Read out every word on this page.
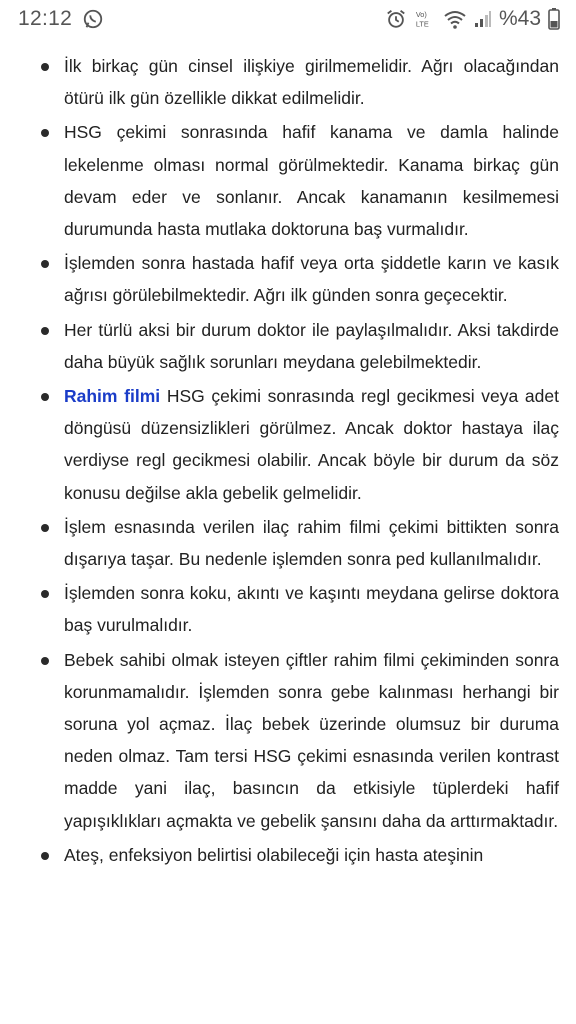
12:12	Vo)
LTE	%43
İlk birkaç gün cinsel ilişkiye girilmemelidir. Ağrı olacağından ötürü ilk gün özellikle dikkat edilmelidir.
HSG çekimi sonrasında hafif kanama ve damla halinde lekelenme olması normal görülmektedir. Kanama birkaç gün devam eder ve sonlanır. Ancak kanamanın kesilmemesi durumunda hasta mutlaka doktoruna baş vurmalıdır.
İşlemden sonra hastada hafif veya orta şiddetle karın ve kasık ağrısı görülebilmektedir. Ağrı ilk günden sonra geçecektir.
Her türlü aksi bir durum doktor ile paylaşılmalıdır. Aksi takdirde daha büyük sağlık sorunları meydana gelebilmektedir.
Rahim filmi HSG çekimi sonrasında regl gecikmesi veya adet döngüsü düzensizlikleri görülmez. Ancak doktor hastaya ilaç verdiyse regl gecikmesi olabilir. Ancak böyle bir durum da söz konusu değilse akla gebelik gelmelidir.
İşlem esnasında verilen ilaç rahim filmi çekimi bittikten sonra dışarıya taşar. Bu nedenle işlemden sonra ped kullanılmalıdır.
İşlemden sonra koku, akıntı ve kaşıntı meydana gelirse doktora baş vurulmalıdır.
Bebek sahibi olmak isteyen çiftler rahim filmi çekiminden sonra korunmamalıdır. İşlemden sonra gebe kalınması herhangi bir soruna yol açmaz. İlaç bebek üzerinde olumsuz bir duruma neden olmaz. Tam tersi HSG çekimi esnasında verilen kontrast madde yani ilaç, basıncın da etkisiyle tüplerdeki hafif yapışıklıkları açmakta ve gebelik şansını daha da arttırmaktadır.
Ateş, enfeksiyon belirtisi olabileceği için hasta ateşinin
